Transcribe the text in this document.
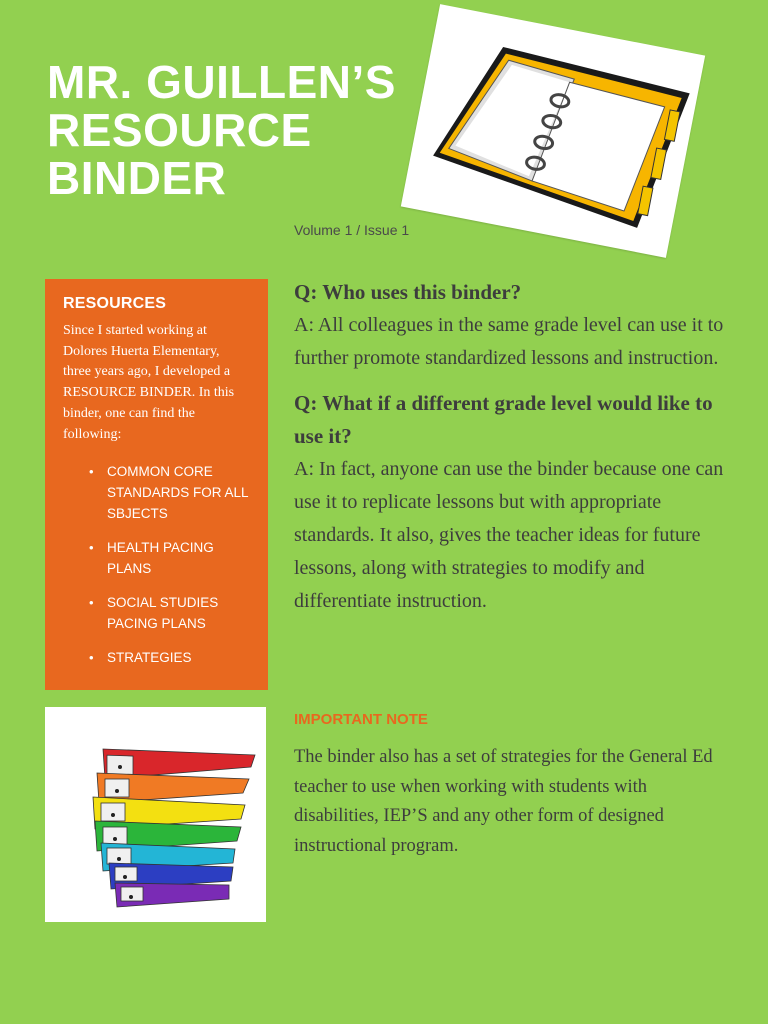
MR. GUILLEN’S
RESOURCE
BINDER
Volume 1 / Issue 1
RESOURCES

Since I started working at Dolores Huerta Elementary, three years ago, I developed a RESOURCE BINDER. In this binder, one can find the following:

• COMMON CORE STANDARDS FOR ALL SBJECTS
• HEALTH PACING PLANS
• SOCIAL STUDIES PACING PLANS
• STRATEGIES

Q: Who uses this binder?

A: All colleagues in the same grade level can use it to further promote standardized lessons and instruction.

Q: What if a different grade level would like to use it?

A: In fact, anyone can use the binder because one can use it to replicate lessons but with appropriate standards. It also, gives the teacher ideas for future lessons, along with strategies to modify and differentiate instruction.

IMPORTANT NOTE

The binder also has a set of strategies for the General Ed teacher to use when working with students with disabilities, IEP’S and any other form of designed instructional program.
